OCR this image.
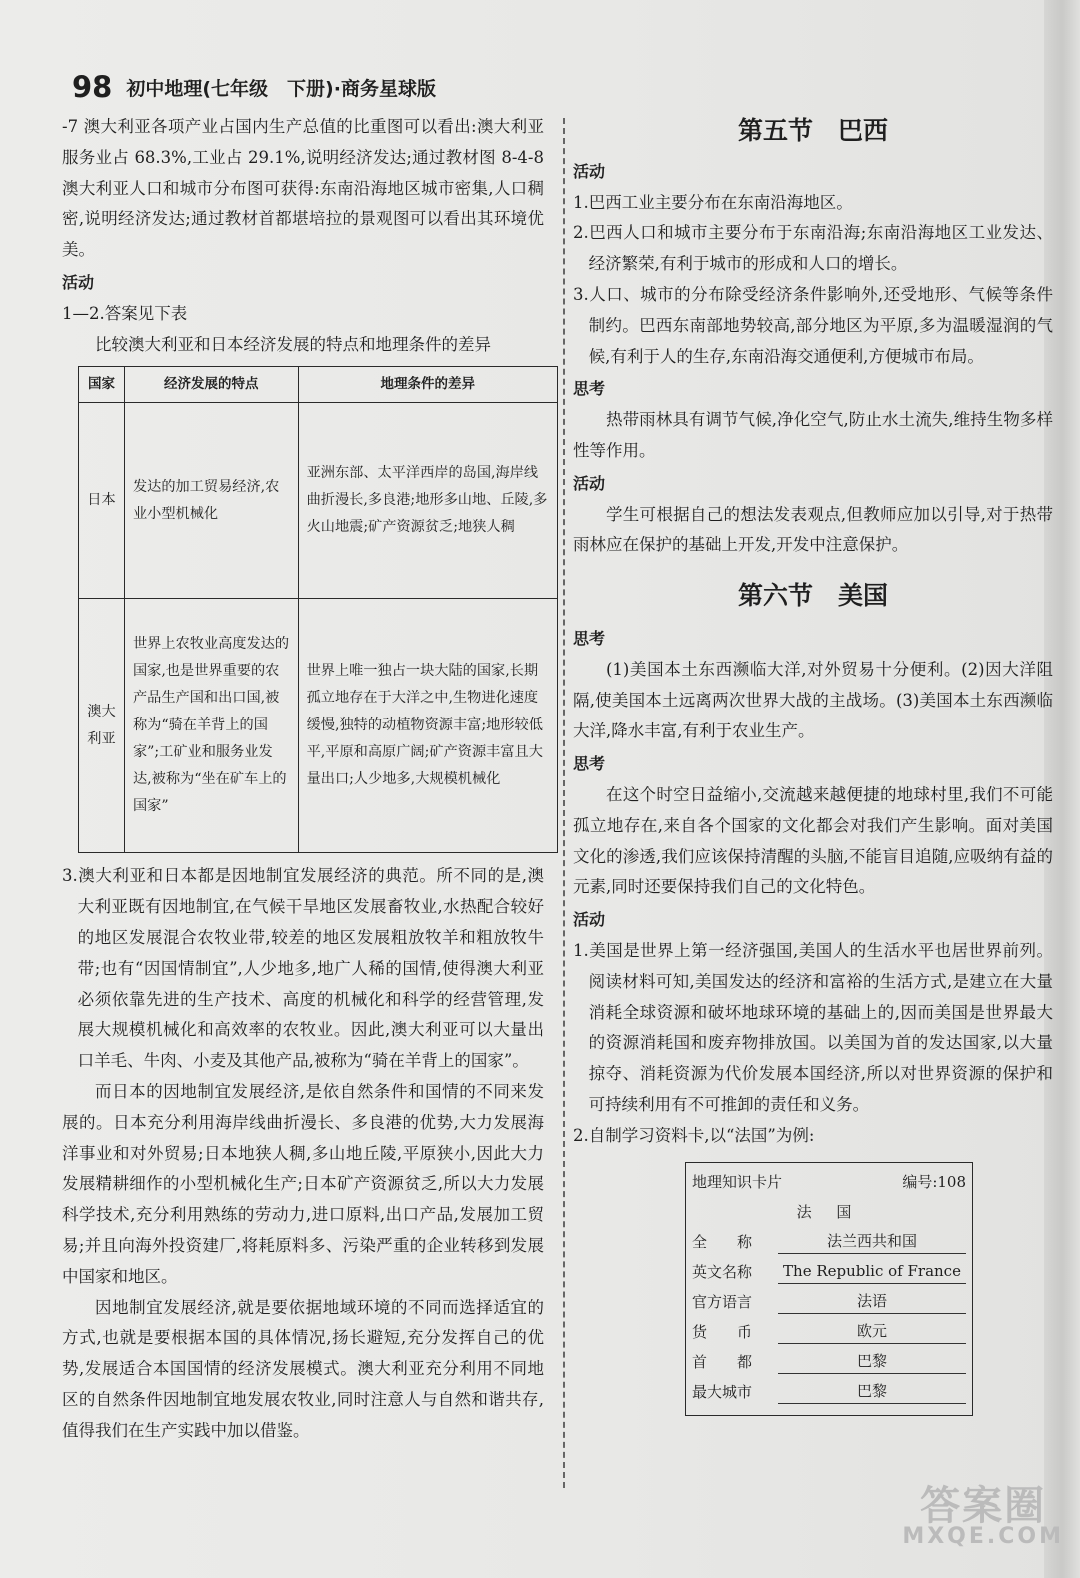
98 初中地理(七年级　下册)·商务星球版

-7 澳大利亚各项产业占国内生产总值的比重图可以看出:澳大利亚服务业占 68.3%,工业占 29.1%,说明经济发达;通过教材图 8-4-8 澳大利亚人口和城市分布图可获得:东南沿海地区城市密集,人口稠密,说明经济发达;通过教材首都堪培拉的景观图可以看出其环境优美。

活动

1—2.答案见下表

比较澳大利亚和日本经济发展的特点和地理条件的差异

国家	经济发展的特点	地理条件的差异
日本	发达的加工贸易经济,农业小型机械化	亚洲东部、太平洋西岸的岛国,海岸线曲折漫长,多良港;地形多山地、丘陵,多火山地震;矿产资源贫乏;地狭人稠
澳大利亚	世界上农牧业高度发达的国家,也是世界重要的农产品生产国和出口国,被称为“骑在羊背上的国家”;工矿业和服务业发达,被称为“坐在矿车上的国家”	世界上唯一独占一块大陆的国家,长期孤立地存在于大洋之中,生物进化速度缓慢,独特的动植物资源丰富;地形较低平,平原和高原广阔;矿产资源丰富且大量出口;人少地多,大规模机械化

3.澳大利亚和日本都是因地制宜发展经济的典范。所不同的是,澳大利亚既有因地制宜,在气候干旱地区发展畜牧业,水热配合较好的地区发展混合农牧业带,较差的地区发展粗放牧羊和粗放牧牛带;也有“因国情制宜”,人少地多,地广人稀的国情,使得澳大利亚必须依靠先进的生产技术、高度的机械化和科学的经营管理,发展大规模机械化和高效率的农牧业。因此,澳大利亚可以大量出口羊毛、牛肉、小麦及其他产品,被称为“骑在羊背上的国家”。

而日本的因地制宜发展经济,是依自然条件和国情的不同来发展的。日本充分利用海岸线曲折漫长、多良港的优势,大力发展海洋事业和对外贸易;日本地狭人稠,多山地丘陵,平原狭小,因此大力发展精耕细作的小型机械化生产;日本矿产资源贫乏,所以大力发展科学技术,充分利用熟练的劳动力,进口原料,出口产品,发展加工贸易;并且向海外投资建厂,将耗原料多、污染严重的企业转移到发展中国家和地区。

因地制宜发展经济,就是要依据地域环境的不同而选择适宜的方式,也就是要根据本国的具体情况,扬长避短,充分发挥自己的优势,发展适合本国国情的经济发展模式。澳大利亚充分利用不同地区的自然条件因地制宜地发展农牧业,同时注意人与自然和谐共存,值得我们在生产实践中加以借鉴。

第五节　巴西

活动

1.巴西工业主要分布在东南沿海地区。

2.巴西人口和城市主要分布于东南沿海;东南沿海地区工业发达、经济繁荣,有利于城市的形成和人口的增长。

3.人口、城市的分布除受经济条件影响外,还受地形、气候等条件制约。巴西东南部地势较高,部分地区为平原,多为温暖湿润的气候,有利于人的生存,东南沿海交通便利,方便城市布局。

思考

热带雨林具有调节气候,净化空气,防止水土流失,维持生物多样性等作用。

活动

学生可根据自己的想法发表观点,但教师应加以引导,对于热带雨林应在保护的基础上开发,开发中注意保护。

第六节　美国

思考

(1)美国本土东西濒临大洋,对外贸易十分便利。(2)因大洋阻隔,使美国本土远离两次世界大战的主战场。(3)美国本土东西濒临大洋,降水丰富,有利于农业生产。

思考

在这个时空日益缩小,交流越来越便捷的地球村里,我们不可能孤立地存在,来自各个国家的文化都会对我们产生影响。面对美国文化的渗透,我们应该保持清醒的头脑,不能盲目追随,应吸纳有益的元素,同时还要保持我们自己的文化特色。

活动

1.美国是世界上第一经济强国,美国人的生活水平也居世界前列。阅读材料可知,美国发达的经济和富裕的生活方式,是建立在大量消耗全球资源和破坏地球环境的基础上的,因而美国是世界最大的资源消耗国和废弃物排放国。以美国为首的发达国家,以大量掠夺、消耗资源为代价发展本国经济,所以对世界资源的保护和可持续利用有不可推卸的责任和义务。

2.自制学习资料卡,以“法国”为例:

地理知识卡片	编号:108
法 国
全　　称	法兰西共和国
英文名称	The Republic of France
官方语言	法语
货　　币	欧元
首　　都	巴黎
最大城市	巴黎
答案圈
MXQE.COM
